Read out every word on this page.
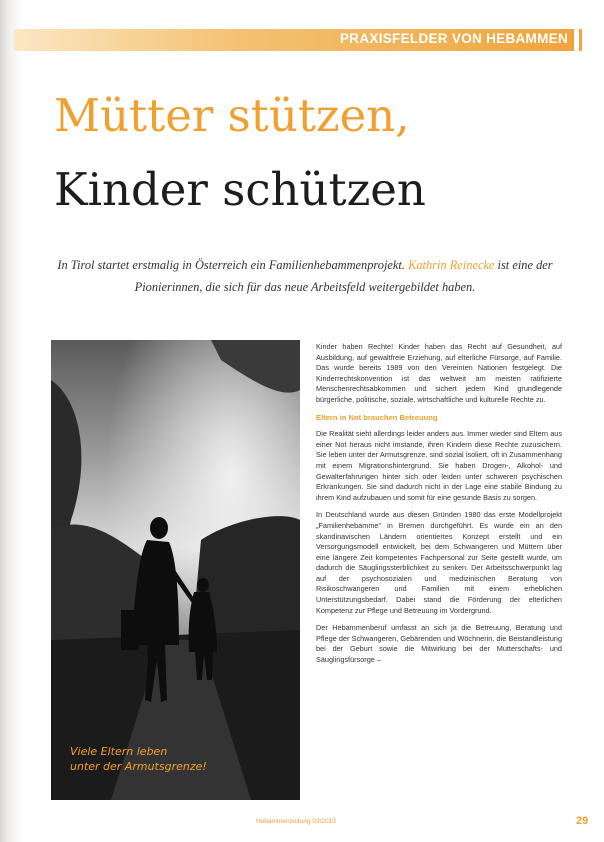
PRAXISFELDER VON HEBAMMEN
Mütter stützen,
Kinder schützen
In Tirol startet erstmalig in Österreich ein Familienhebammenprojekt. Kathrin Reinecke ist eine der Pionierinnen, die sich für das neue Arbeitsfeld weitergebildet haben.
Viele Eltern leben
unter der Armutsgrenze!

Kinder haben Rechte! Kinder haben das Recht auf Gesundheit, auf Ausbildung, auf gewaltfreie Erziehung, auf elterliche Fürsorge, auf Familie. Das wurde bereits 1989 von den Vereinten Nationen festgelegt. Die Kinderrechtskonvention ist das weltweit am meisten ratifizierte Menschenrechtsabkommen und sichert jedem Kind grundlegende bürgerliche, politische, soziale, wirtschaftliche und kulturelle Rechte zu.

Eltern in Not brauchen Betreuung

Die Realität sieht allerdings leider anders aus. Immer wieder sind Eltern aus einer Not heraus nicht imstande, ihren Kindern diese Rechte zuzusichern. Sie leben unter der Armutsgrenze, sind sozial isoliert, oft in Zusammenhang mit einem Migrationshintergrund. Sie haben Drogen-, Alkohol- und Gewalterfahrungen hinter sich oder leiden unter schweren psychischen Erkrankungen. Sie sind dadurch nicht in der Lage eine stabile Bindung zu ihrem Kind aufzubauen und somit für eine gesunde Basis zu sorgen.

In Deutschland wurde aus diesen Gründen 1980 das erste Modellprojekt „Familienhebamme" in Bremen durchgeführt. Es wurde ein an den skandinavischen Ländern orientiertes Konzept erstellt und ein Versorgungsmodell entwickelt, bei dem Schwangeren und Müttern über eine längere Zeit kompetentes Fachpersonal zur Seite gestellt wurde, um dadurch die Säuglingssterblichkeit zu senken. Der Arbeitsschwerpunkt lag auf der psychosozialen und medizinischen Beratung von Risikoschwangeren und Familien mit einem erheblichen Unterstützungsbedarf. Dabei stand die Förderung der elterlichen Kompetenz zur Pflege und Betreuung im Vordergrund.

Der Hebammenberuf umfasst an sich ja die Betreuung, Beratung und Pflege der Schwangeren, Gebärenden und Wöchnerin, die Beistandleistung bei der Geburt sowie die Mitwirkung bei der Mutterschafts- und Säuglingsfürsorge –

Hebammenzeitung 03/2013	29
